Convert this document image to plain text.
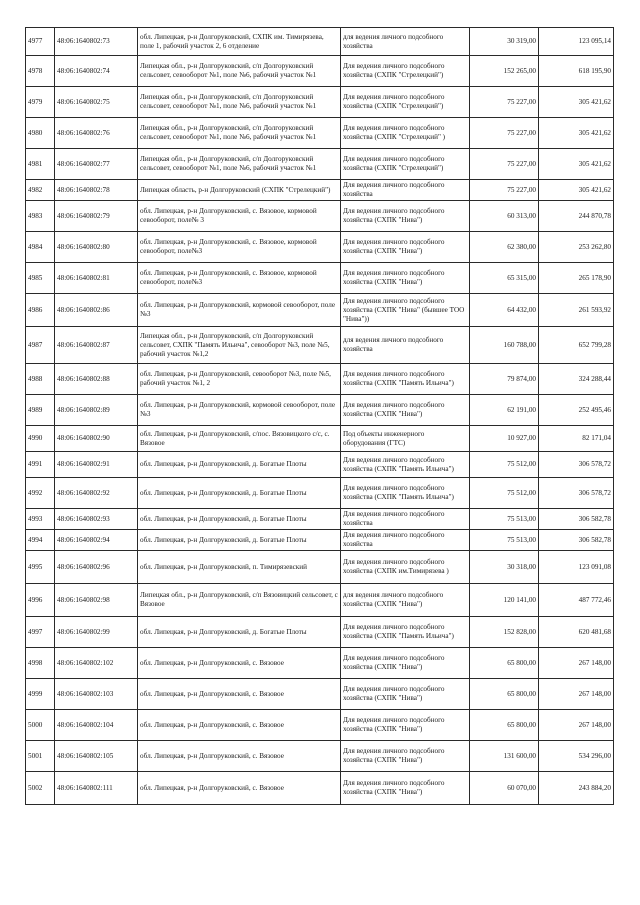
4977	48:06:1640802:73	обл. Липецкая, р-н Долгоруковский, СХПК им. Тимирязева, поле 1, рабочий участок 2, 6 отделение	для ведения личного подсобного хозяйства	30 319,00	123 095,14
4978	48:06:1640802:74	Липецкая обл., р-н Долгоруковский, с/п Долгоруковский сельсовет, севооборот №1, поле №6, рабочий участок №1	Для ведения личного подсобного хозяйства (СХПК "Стрелецкий")	152 265,00	618 195,90
4979	48:06:1640802:75	Липецкая обл., р-н Долгоруковский, с/п Долгоруковский сельсовет, севооборот №1, поле №6, рабочий участок №1	Для ведения личного подсобного хозяйства (СХПК "Стрелецкий")	75 227,00	305 421,62
4980	48:06:1640802:76	Липецкая обл., р-н Долгоруковский, с/п Долгоруковский сельсовет, севооборот №1, поле №6, рабочий участок №1	Для ведения личного подсобного хозяйства (СХПК "Стрелецкий" )	75 227,00	305 421,62
4981	48:06:1640802:77	Липецкая обл., р-н Долгоруковский, с/п Долгоруковский сельсовет, севооборот №1, поле №6, рабочий участок №1	Для ведения личного подсобного хозяйства (СХПК "Стрелецкий")	75 227,00	305 421,62
4982	48:06:1640802:78	Липецкая область, р-н Долгоруковский (СХПК "Стрелецкий")	Для ведения личного подсобного хозяйства	75 227,00	305 421,62
4983	48:06:1640802:79	обл. Липецкая, р-н Долгоруковский, с. Вязовое, кормовой севооборот, поле№ 3	Для ведения личного подсобного хозяйства (СХПК "Нива")	60 313,00	244 870,78
4984	48:06:1640802:80	обл. Липецкая, р-н Долгоруковский, с. Вязовое, кормовой севооборот, поле№3	Для ведения личного подсобного хозяйства (СХПК "Нива")	62 380,00	253 262,80
4985	48:06:1640802:81	обл. Липецкая, р-н Долгоруковский, с. Вязовое, кормовой севооборот, поле№3	Для ведения личного подсобного хозяйства (СХПК "Нива")	65 315,00	265 178,90
4986	48:06:1640802:86	обл. Липецкая, р-н Долгоруковский, кормовой севооборот, поле №3	Для ведения личного подсобного хозяйства (СХПК "Нива" (бывшее ТОО "Нива"))	64 432,00	261 593,92
4987	48:06:1640802:87	Липецкая обл., р-н Долгоруковский, с/п Долгоруковский сельсовет, СХПК "Память Ильича", севооборот №3, поле №5, рабочий участок №1,2	для ведения личного подсобного хозяйства	160 788,00	652 799,28
4988	48:06:1640802:88	обл. Липецкая, р-н Долгоруковский, севооборот №3, поле №5, рабочий участок №1, 2	Для ведения личного подсобного хозяйства (СХПК "Память Ильича")	79 874,00	324 288,44
4989	48:06:1640802:89	обл. Липецкая, р-н Долгоруковский, кормовой севооборот, поле №3	Для ведения личного подсобного хозяйства (СХПК "Нива")	62 191,00	252 495,46
4990	48:06:1640802:90	обл. Липецкая, р-н Долгоруковский, с/пос. Вязовицкого с/с, с. Вязовое	Под объекты инженерного оборудования (ГТС)	10 927,00	82 171,04
4991	48:06:1640802:91	обл. Липецкая, р-н Долгоруковский, д. Богатые Плоты	Для ведения личного подсобного хозяйства (СХПК "Память Ильича")	75 512,00	306 578,72
4992	48:06:1640802:92	обл. Липецкая, р-н Долгоруковский, д. Богатые Плоты	Для ведения личного подсобного хозяйства (СХПК "Память Ильича")	75 512,00	306 578,72
4993	48:06:1640802:93	обл. Липецкая, р-н Долгоруковский, д. Богатые Плоты	Для ведения личного подсобного хозяйства	75 513,00	306 582,78
4994	48:06:1640802:94	обл. Липецкая, р-н Долгоруковский, д. Богатые Плоты	Для ведения личного подсобного хозяйства	75 513,00	306 582,78
4995	48:06:1640802:96	обл. Липецкая, р-н Долгоруковский, п. Тимирязевский	Для ведения личного подсобного хозяйства (СХПК им.Тимирязева )	30 318,00	123 091,08
4996	48:06:1640802:98	Липецкая обл., р-н Долгоруковский, с/п Вязовицкий сельсовет, с Вязовое	для ведения личного подсобного хозяйства (СХПК "Нива")	120 141,00	487 772,46
4997	48:06:1640802:99	обл. Липецкая, р-н Долгоруковский, д. Богатые Плоты	Для ведения личного подсобного хозяйства (СХПК "Память Ильича")	152 828,00	620 481,68
4998	48:06:1640802:102	обл. Липецкая, р-н Долгоруковский, с. Вязовое	Для ведения личного подсобного хозяйства (СХПК "Нива")	65 800,00	267 148,00
4999	48:06:1640802:103	обл. Липецкая, р-н Долгоруковский, с. Вязовое	Для ведения личного подсобного хозяйства (СХПК "Нива")	65 800,00	267 148,00
5000	48:06:1640802:104	обл. Липецкая, р-н Долгоруковский, с. Вязовое	Для ведения личного подсобного хозяйства (СХПК "Нива")	65 800,00	267 148,00
5001	48:06:1640802:105	обл. Липецкая, р-н Долгоруковский, с. Вязовое	Для ведения личного подсобного хозяйства (СХПК "Нива")	131 600,00	534 296,00
5002	48:06:1640802:111	обл. Липецкая, р-н Долгоруковский, с. Вязовое	Для ведения личного подсобного хозяйства (СХПК "Нива")	60 070,00	243 884,20
